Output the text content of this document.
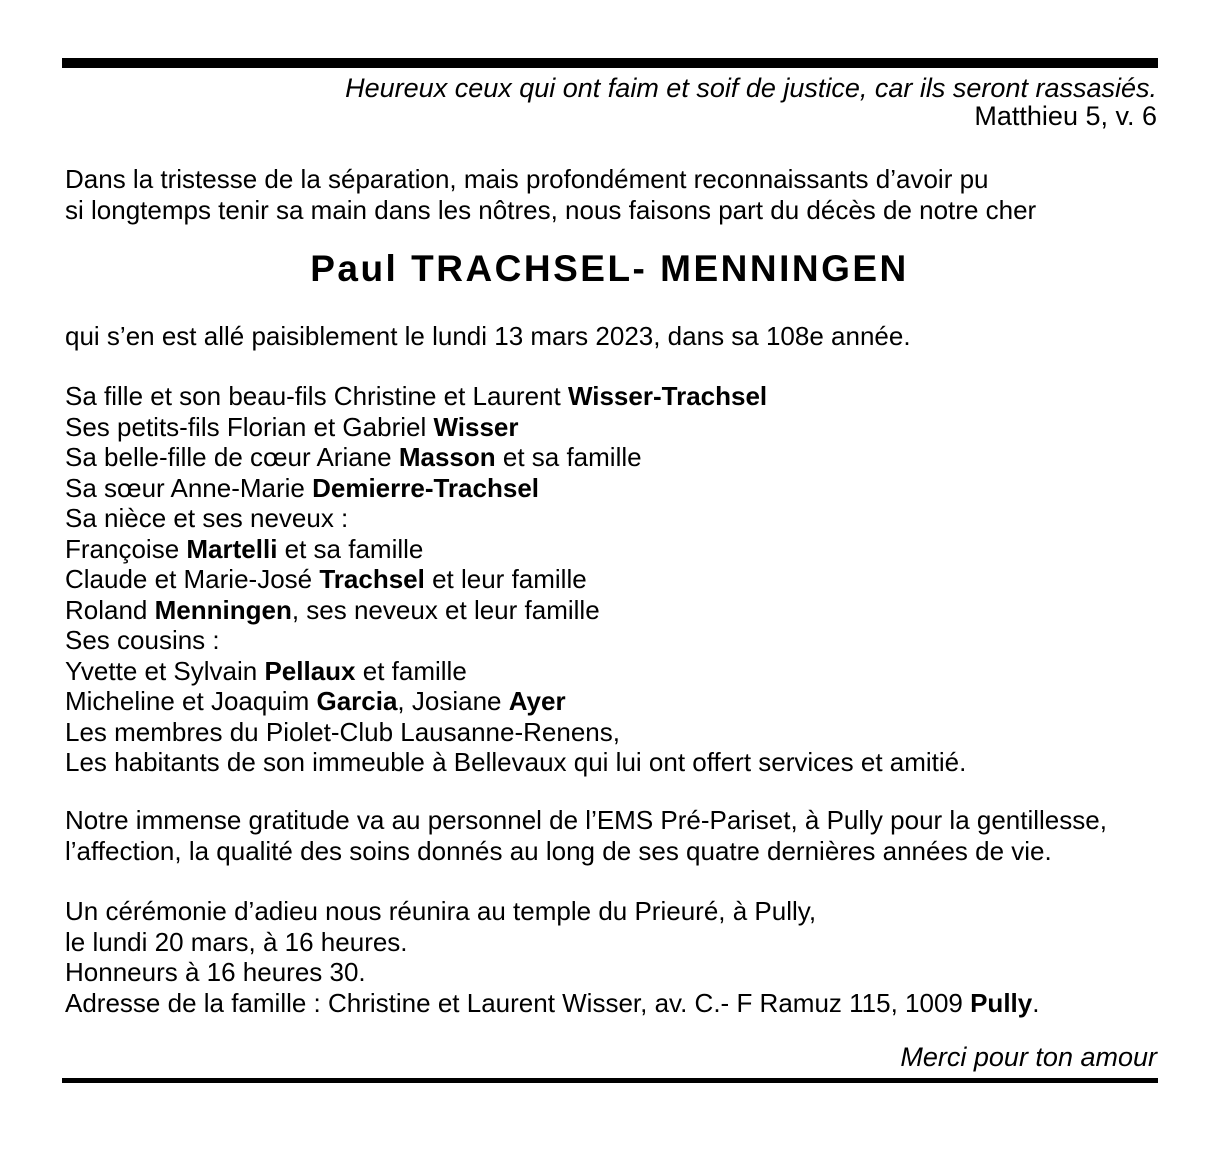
Heureux ceux qui ont faim et soif de justice, car ils seront rassasiés.
Matthieu 5, v. 6
Dans la tristesse de la séparation, mais profondément reconnaissants d’avoir pu
si longtemps tenir sa main dans les nôtres, nous faisons part du décès de notre cher
Paul TRACHSEL- MENNINGEN
qui s’en est allé paisiblement le lundi 13 mars 2023, dans sa 108e année.
Sa fille et son beau-fils Christine et Laurent Wisser-Trachsel
Ses petits-fils Florian et Gabriel Wisser
Sa belle-fille de cœur Ariane Masson et sa famille
Sa sœur Anne-Marie Demierre-Trachsel
Sa nièce et ses neveux :
Françoise Martelli et sa famille
Claude et Marie-José Trachsel et leur famille
Roland Menningen, ses neveux et leur famille
Ses cousins :
Yvette et Sylvain Pellaux et famille
Micheline et Joaquim Garcia, Josiane Ayer
Les membres du Piolet-Club Lausanne-Renens,
Les habitants de son immeuble à Bellevaux qui lui ont offert services et amitié.
Notre immense gratitude va au personnel de l’EMS Pré-Pariset, à Pully pour la gentillesse,
l’affection, la qualité des soins donnés au long de ses quatre dernières années de vie.
Un cérémonie d’adieu nous réunira au temple du Prieuré, à Pully,
le lundi 20 mars, à 16 heures.
Honneurs à 16 heures 30.
Adresse de la famille : Christine et Laurent Wisser, av. C.- F Ramuz 115, 1009 Pully.
Merci pour ton amour
